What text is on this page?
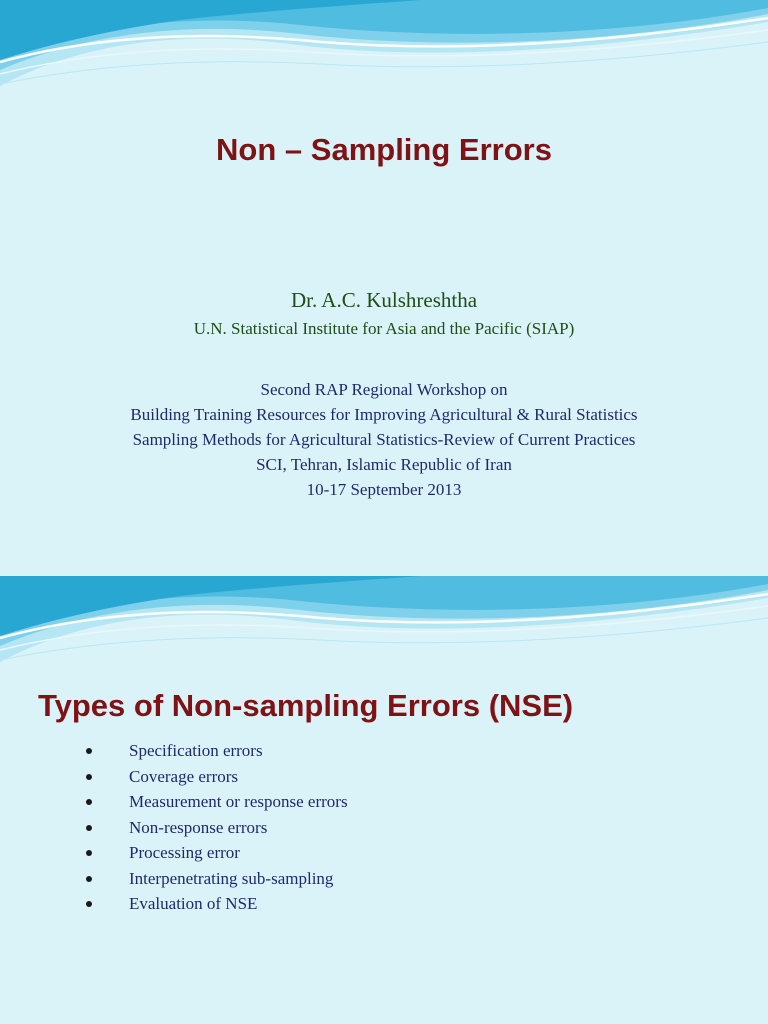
Non – Sampling Errors

Dr. A.C. Kulshreshtha

U.N. Statistical Institute for Asia and the Pacific (SIAP)

Second RAP Regional Workshop on
Building Training Resources for Improving Agricultural & Rural Statistics
Sampling Methods for Agricultural Statistics-Review of Current Practices
SCI, Tehran, Islamic Republic of Iran
10-17 September 2013
Types of Non-sampling Errors (NSE)
Specification errors
Coverage errors
Measurement or response errors
Non-response errors
Processing error
Interpenetrating sub-sampling
Evaluation of NSE
